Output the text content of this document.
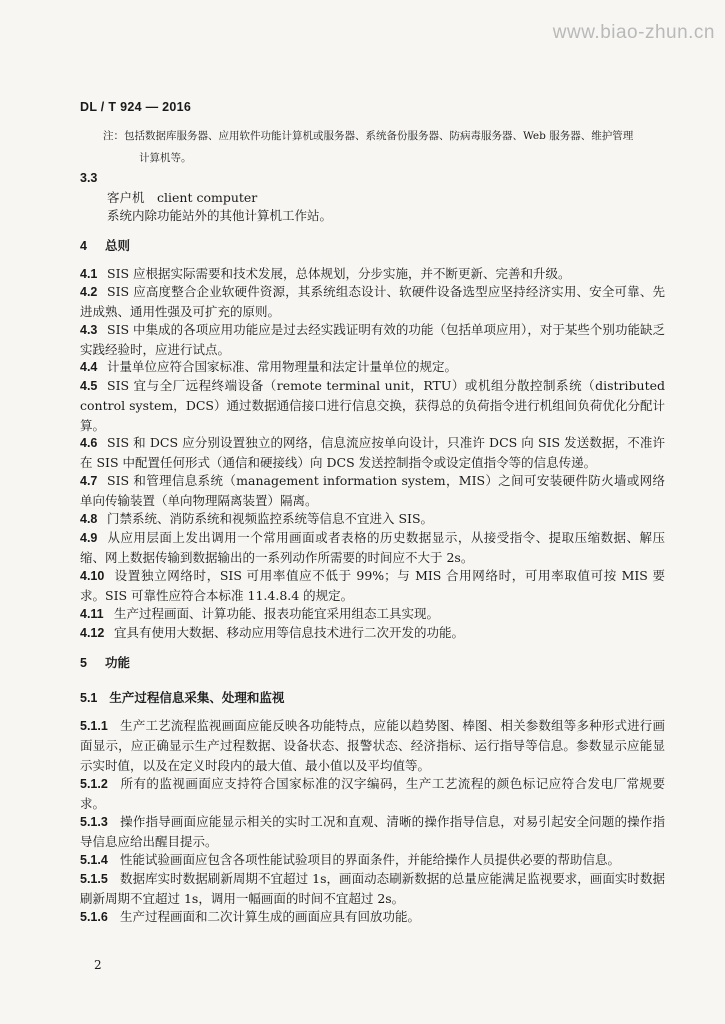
www.biao-zhun.cn
DL / T 924 — 2016
注：包括数据库服务器、应用软件功能计算机或服务器、系统备份服务器、防病毒服务器、Web 服务器、维护管理
计算机等。
3.3
客户机　client computer
系统内除功能站外的其他计算机工作站。
4 总则

4.1 SIS 应根据实际需要和技术发展，总体规划，分步实施，并不断更新、完善和升级。

4.2 SIS 应高度整合企业软硬件资源，其系统组态设计、软硬件设备选型应坚持经济实用、安全可靠、先进成熟、通用性强及可扩充的原则。

4.3 SIS 中集成的各项应用功能应是过去经实践证明有效的功能（包括单项应用），对于某些个别功能缺乏实践经验时，应进行试点。

4.4 计量单位应符合国家标准、常用物理量和法定计量单位的规定。

4.5 SIS 宜与全厂远程终端设备（remote terminal unit，RTU）或机组分散控制系统（distributed control system，DCS）通过数据通信接口进行信息交换，获得总的负荷指令进行机组间负荷优化分配计算。

4.6 SIS 和 DCS 应分别设置独立的网络，信息流应按单向设计，只准许 DCS 向 SIS 发送数据，不准许在 SIS 中配置任何形式（通信和硬接线）向 DCS 发送控制指令或设定值指令等的信息传递。

4.7 SIS 和管理信息系统（management information system，MIS）之间可安装硬件防火墙或网络单向传输装置（单向物理隔离装置）隔离。

4.8 门禁系统、消防系统和视频监控系统等信息不宜进入 SIS。

4.9 从应用层面上发出调用一个常用画面或者表格的历史数据显示，从接受指令、提取压缩数据、解压缩、网上数据传输到数据输出的一系列动作所需要的时间应不大于 2s。

4.10 设置独立网络时，SIS 可用率值应不低于 99%；与 MIS 合用网络时，可用率取值可按 MIS 要求。SIS 可靠性应符合本标准 11.4.8.4 的规定。

4.11 生产过程画面、计算功能、报表功能宜采用组态工具实现。

4.12 宜具有使用大数据、移动应用等信息技术进行二次开发的功能。

5 功能
5.1 生产过程信息采集、处理和监视

5.1.1 生产工艺流程监视画面应能反映各功能特点，应能以趋势图、棒图、相关参数组等多种形式进行画面显示，应正确显示生产过程数据、设备状态、报警状态、经济指标、运行指导等信息。参数显示应能显示实时值，以及在定义时段内的最大值、最小值以及平均值等。

5.1.2 所有的监视画面应支持符合国家标准的汉字编码，生产工艺流程的颜色标记应符合发电厂常规要求。

5.1.3 操作指导画面应能显示相关的实时工况和直观、清晰的操作指导信息，对易引起安全问题的操作指导信息应给出醒目提示。

5.1.4 性能试验画面应包含各项性能试验项目的界面条件，并能给操作人员提供必要的帮助信息。

5.1.5 数据库实时数据刷新周期不宜超过 1s，画面动态刷新数据的总量应能满足监视要求，画面实时数据刷新周期不宜超过 1s，调用一幅画面的时间不宜超过 2s。

5.1.6 生产过程画面和二次计算生成的画面应具有回放功能。

2
